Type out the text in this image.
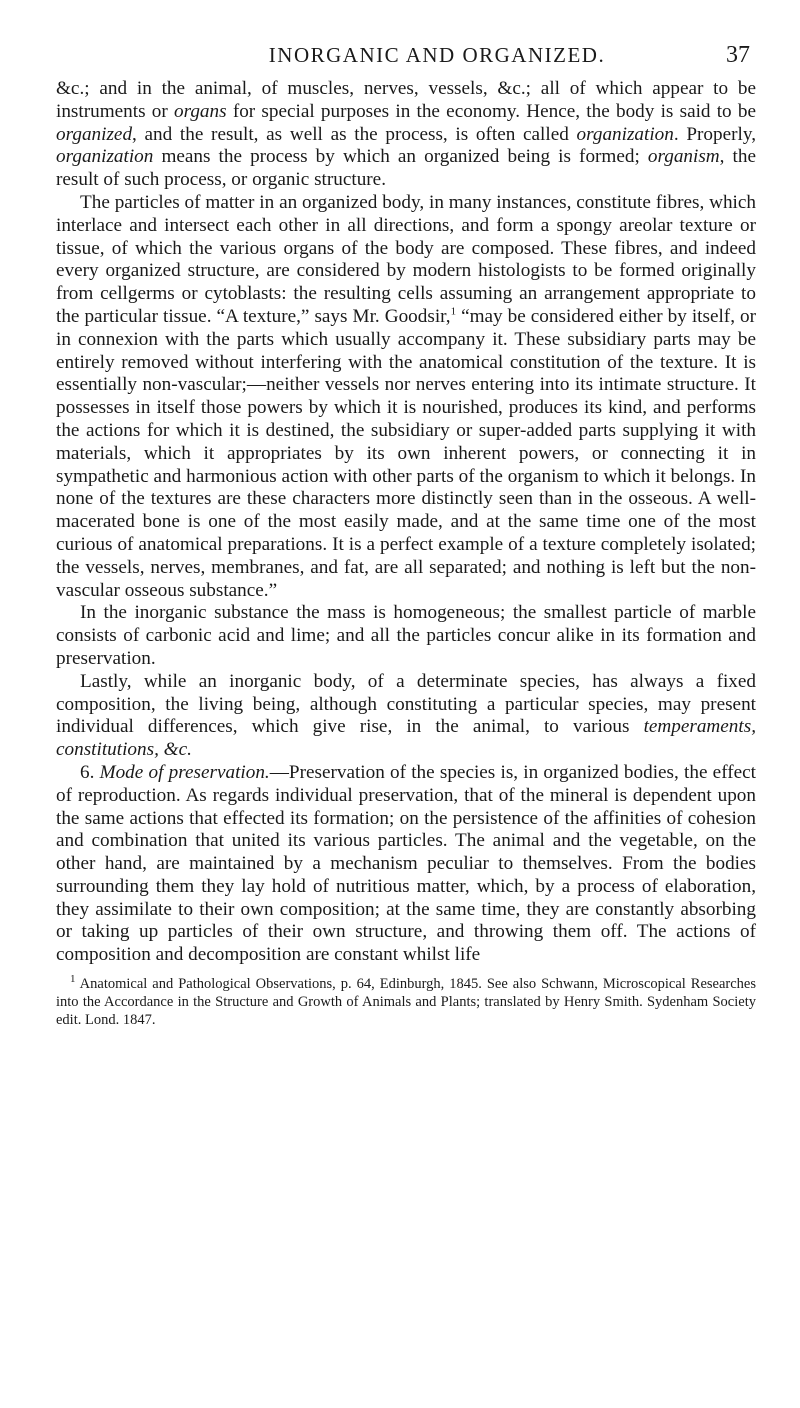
INORGANIC AND ORGANIZED.	37

&c.; and in the animal, of muscles, nerves, vessels, &c.; all of which appear to be instruments or organs for special purposes in the economy. Hence, the body is said to be organized, and the result, as well as the process, is often called organization. Properly, organization means the process by which an organized being is formed; organism, the result of such process, or organic structure.

The particles of matter in an organized body, in many instances, constitute fibres, which interlace and intersect each other in all directions, and form a spongy areolar texture or tissue, of which the various organs of the body are composed. These fibres, and indeed every organized structure, are considered by modern histologists to be formed originally from cellgerms or cytoblasts: the resulting cells assuming an arrangement appropriate to the particular tissue. “A texture,” says Mr. Goodsir,$^1$ “may be considered either by itself, or in connexion with the parts which usually accompany it. These subsidiary parts may be entirely removed without interfering with the anatomical constitution of the texture. It is essentially non-vascular;—neither vessels nor nerves entering into its intimate structure. It possesses in itself those powers by which it is nourished, produces its kind, and performs the actions for which it is destined, the subsidiary or super-added parts supplying it with materials, which it appropriates by its own inherent powers, or connecting it in sympathetic and harmonious action with other parts of the organism to which it belongs. In none of the textures are these characters more distinctly seen than in the osseous. A well-macerated bone is one of the most easily made, and at the same time one of the most curious of anatomical preparations. It is a perfect example of a texture completely isolated; the vessels, nerves, membranes, and fat, are all separated; and nothing is left but the non-vascular osseous substance.”

In the inorganic substance the mass is homogeneous; the smallest particle of marble consists of carbonic acid and lime; and all the particles concur alike in its formation and preservation.

Lastly, while an inorganic body, of a determinate species, has always a fixed composition, the living being, although constituting a particular species, may present individual differences, which give rise, in the animal, to various temperaments, constitutions, &c.

6. Mode of preservation.—Preservation of the species is, in organized bodies, the effect of reproduction. As regards individual preservation, that of the mineral is dependent upon the same actions that effected its formation; on the persistence of the affinities of cohesion and combination that united its various particles. The animal and the vegetable, on the other hand, are maintained by a mechanism peculiar to themselves. From the bodies surrounding them they lay hold of nutritious matter, which, by a process of elaboration, they assimilate to their own composition; at the same time, they are constantly absorbing or taking up particles of their own structure, and throwing them off. The actions of composition and decomposition are constant whilst life

$^1$ Anatomical and Pathological Observations, p. 64, Edinburgh, 1845. See also Schwann, Microscopical Researches into the Accordance in the Structure and Growth of Animals and Plants; translated by Henry Smith. Sydenham Society edit. Lond. 1847.
